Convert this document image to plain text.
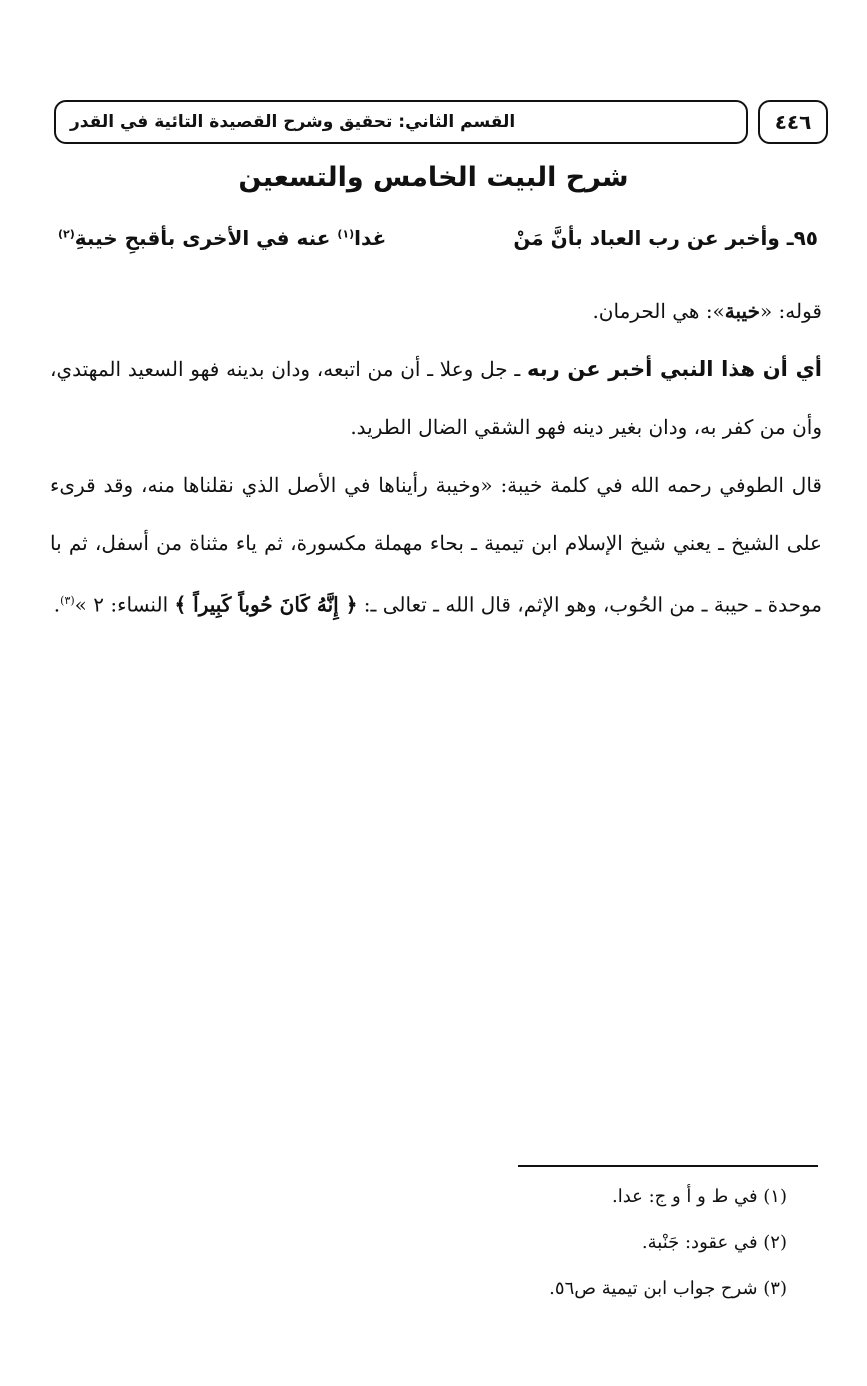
٤٤٦
القسم الثاني: تحقيق وشرح القصيدة التائية في القدر
شرح البيت الخامس والتسعين
٩٥ـ وأخبر عن رب العباد بأنَّ مَنْ
غدا$^{(١)}$ عنه في الأخرى بأقبحِ خيبةِ$^{(٢)}$
قوله: «خيبة»: هي الحرمان.
أي أن هذا النبي أخبر عن ربه ـ جل وعلا ـ أن من اتبعه، ودان بدينه فهو السعيد المهتدي، وأن من كفر به، ودان بغير دينه فهو الشقي الضال الطريد.
قال الطوفي رحمه الله في كلمة خيبة: «وخيبة رأيناها في الأصل الذي نقلناها منه، وقد قرىء على الشيخ ـ يعني شيخ الإسلام ابن تيمية ـ بحاء مهملة مكسورة، ثم ياء مثناة من أسفل، ثم با موحدة ـ حيبة ـ من الحُوب، وهو الإثم، قال الله ـ تعالى ـ: ﴿ إِنَّهُ كَانَ حُوباً كَبِيراً ﴾ النساء: ٢ »$^{(٣)}$.
(١) في ط و أ و ج: عدا.
(٢) في عقود: جَنْبة.
(٣) شرح جواب ابن تيمية ص٥٦.
